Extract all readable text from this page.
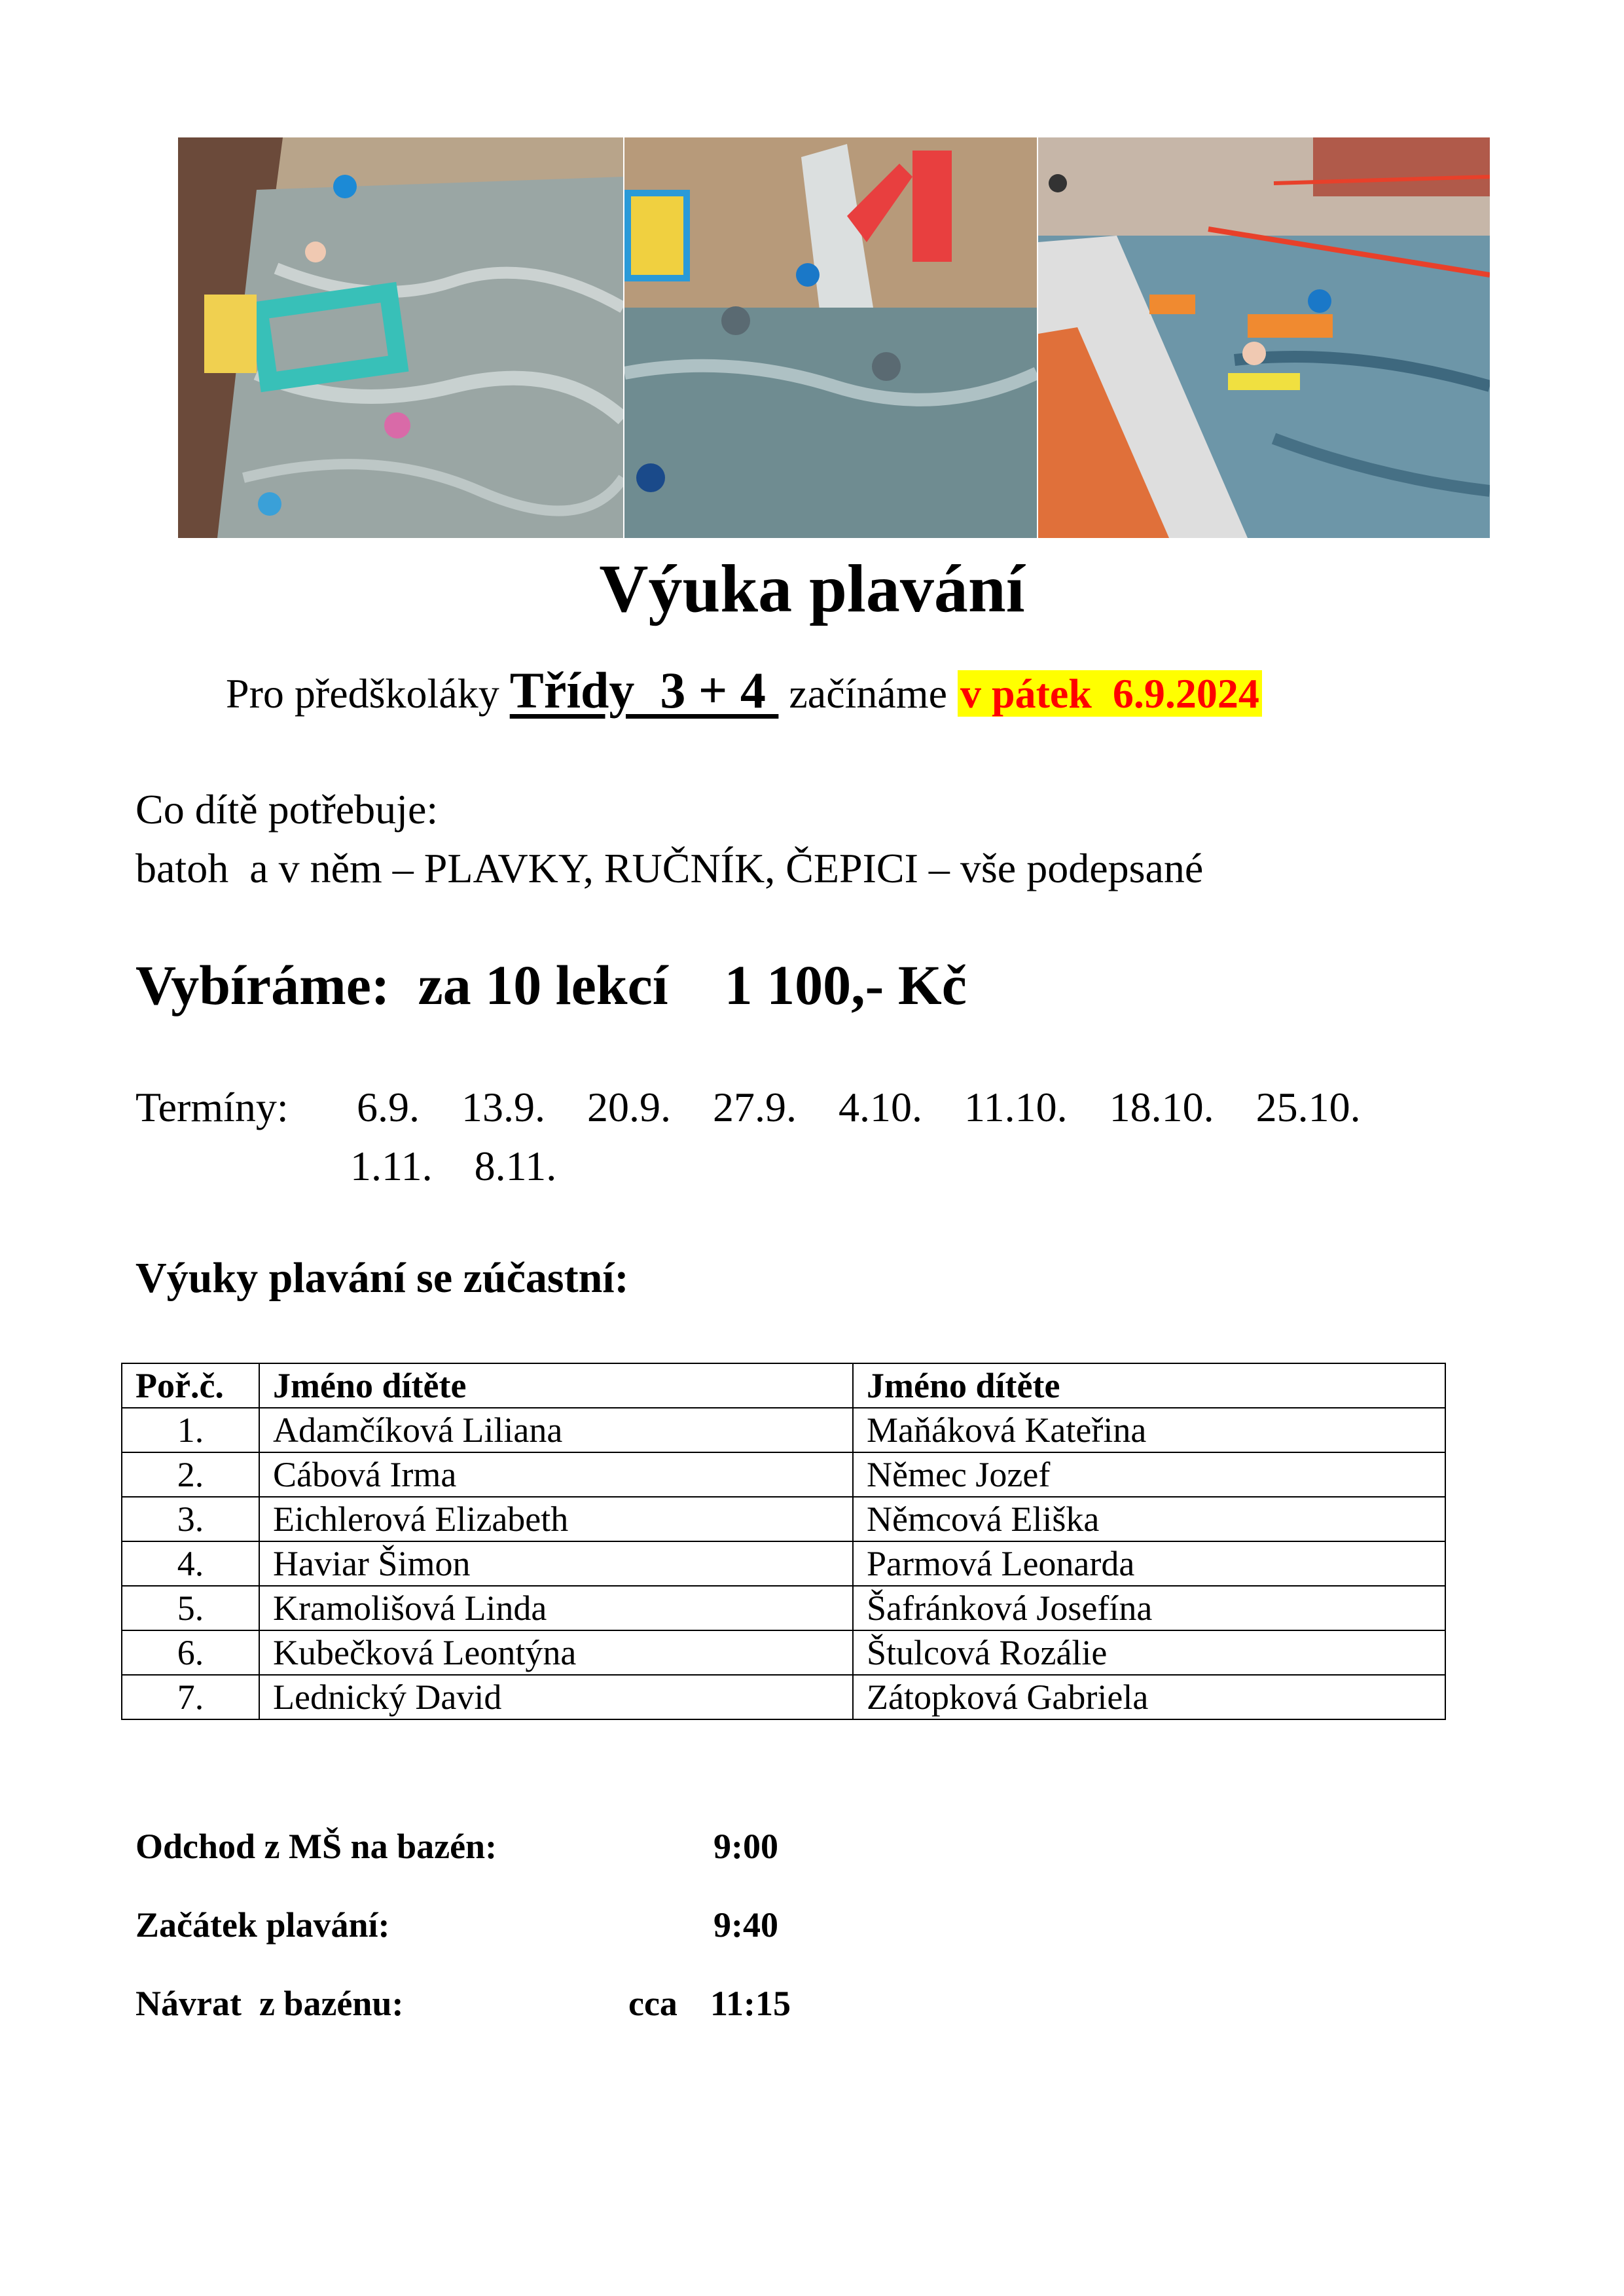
Výuka plavání
Pro předškoláky Třídy  3 + 4  začínáme v pátek  6.9.2024
Co dítě potřebuje:
batoh  a v něm – PLAVKY, RUČNÍK, ČEPICI – vše podepsané
Vybíráme:  za 10 lekcí    1 100,- Kč
Termíny: 6.9.    13.9.    20.9.    27.9.    4.10.    11.10.    18.10.    25.10.
1.11.    8.11.
Výuky plavání se zúčastní:
Poř.č.	Jméno dítěte	Jméno dítěte
1.	Adamčíková Liliana	Maňáková Kateřina
2.	Cábová Irma	Němec Jozef
3.	Eichlerová Elizabeth	Němcová Eliška
4.	Haviar Šimon	Parmová Leonarda
5.	Kramolišová Linda	Šafránková Josefína
6.	Kubečková Leontýna	Štulcová Rozálie
7.	Lednický David	Zátopková Gabriela
Odchod z MŠ na bazén:	9:00
Začátek plavání:	9:40
Návrat  z bazénu:	cca 11:15
